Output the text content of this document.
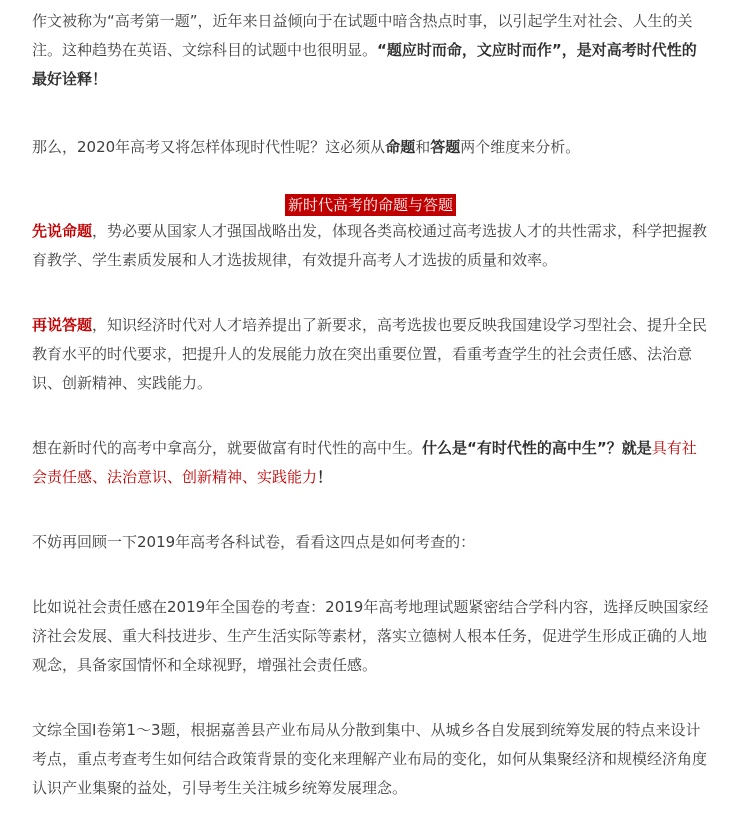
作文被称为“高考第一题”，近年来日益倾向于在试题中暗含热点时事，以引起学生对社会、人生的关注。这种趋势在英语、文综科目的试题中也很明显。“题应时而命，文应时而作”，是对高考时代性的最好诠释！

那么，2020年高考又将怎样体现时代性呢？这必须从命题和答题两个维度来分析。

新时代高考的命题与答题

先说命题，势必要从国家人才强国战略出发，体现各类高校通过高考选拔人才的共性需求，科学把握教育教学、学生素质发展和人才选拔规律，有效提升高考人才选拔的质量和效率。

再说答题，知识经济时代对人才培养提出了新要求，高考选拔也要反映我国建设学习型社会、提升全民教育水平的时代要求，把提升人的发展能力放在突出重要位置，看重考查学生的社会责任感、法治意识、创新精神、实践能力。

想在新时代的高考中拿高分，就要做富有时代性的高中生。什么是“有时代性的高中生”？就是具有社会责任感、法治意识、创新精神、实践能力！

不妨再回顾一下2019年高考各科试卷，看看这四点是如何考查的：

比如说社会责任感在2019年全国卷的考查：2019年高考地理试题紧密结合学科内容，选择反映国家经济社会发展、重大科技进步、生产生活实际等素材，落实立德树人根本任务，促进学生形成正确的人地观念，具备家国情怀和全球视野，增强社会责任感。

文综全国Ⅰ卷第1～3题，根据嘉善县产业布局从分散到集中、从城乡各自发展到统筹发展的特点来设计考点，重点考查考生如何结合政策背景的变化来理解产业布局的变化，如何从集聚经济和规模经济角度认识产业集聚的益处，引导考生关注城乡统筹发展理念。
